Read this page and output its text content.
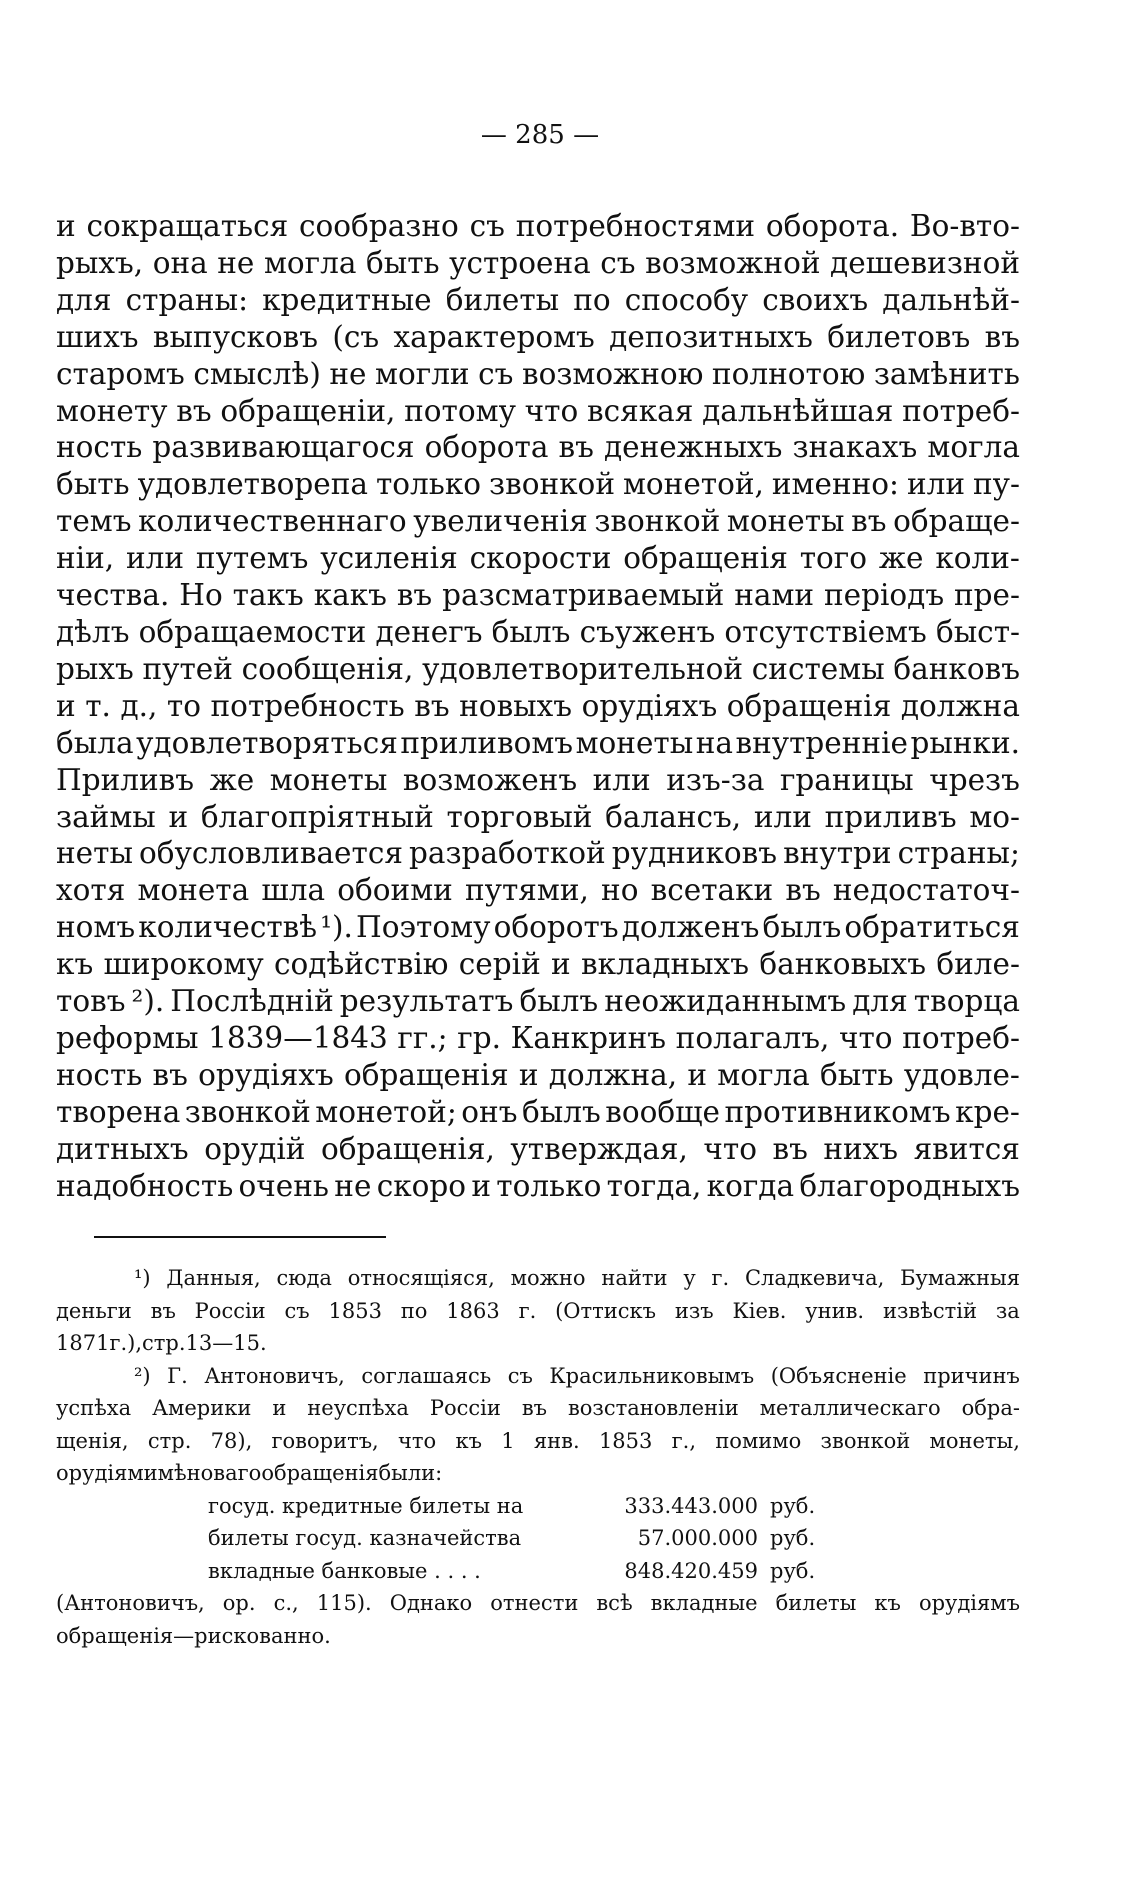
— 285 —
и сокращаться сообразно съ потребностями оборота. Во-вто-
рыхъ, она не могла быть устроена съ возможной дешевизной
для страны: кредитные билеты по способу своихъ дальнѣй-
шихъ выпусковъ (съ характеромъ депозитныхъ билетовъ въ
старомъ смыслѣ) не могли съ возможною полнотою замѣнить
монету въ обращеніи, потому что всякая дальнѣйшая потреб-
ность развивающагося оборота въ денежныхъ знакахъ могла
быть удовлетворепа только звонкой монетой, именно: или пу-
темъ количественнаго увеличенія звонкой монеты въ обраще-
ніи, или путемъ усиленія скорости обращенія того же коли-
чества. Но такъ какъ въ разсматриваемый нами періодъ пре-
дѣлъ обращаемости денегъ былъ съуженъ отсутствіемъ быст-
рыхъ путей сообщенія, удовлетворительной системы банковъ
и т. д., то потребность въ новыхъ орудіяхъ обращенія должна
была удовлетворяться приливомъ монеты на внутренніе рынки.
Приливъ же монеты возможенъ или изъ-за границы чрезъ
займы и благопріятный торговый балансъ, или приливъ мо-
неты обусловливается разработкой рудниковъ внутри страны;
хотя монета шла обоими путями, но всетаки въ недостаточ-
номъ количествѣ ¹). Поэтому оборотъ долженъ былъ обратиться
къ широкому содѣйствію серій и вкладныхъ банковыхъ биле-
товъ ²). Послѣдній результатъ былъ неожиданнымъ для творца
реформы 1839—1843 гг.; гр. Канкринъ полагалъ, что потреб-
ность въ орудіяхъ обращенія и должна, и могла быть удовле-
творена звонкой монетой; онъ былъ вообще противникомъ кре-
дитныхъ орудій обращенія, утверждая, что въ нихъ явится
надобность очень не скоро и только тогда, когда благородныхъ
¹) Данныя, сюда относящіяся, можно найти у г. Сладкевича, Бумажныя
деньги въ Россіи съ 1853 по 1863 г. (Оттискъ изъ Кіев. унив. извѣстій за
1871 г.), стр. 13—15.
²) Г. Антоновичъ, соглашаясь съ Красильниковымъ (Объясненіе причинъ
успѣха Америки и неуспѣха Россіи въ возстановленіи металлическаго обра-
щенія, стр. 78), говоритъ, что къ 1 янв. 1853 г., помимо звонкой монеты,
орудіями мѣноваго обращенія были:
госуд. кредитные билеты на	333.443.000 руб.
билеты госуд. казначейства	57.000.000 руб.
вкладные банковые . . . .	848.420.459 руб.
(Антоновичъ, ор. с., 115). Однако отнести всѣ вкладные билеты къ орудіямъ
обращенія—рискованно.
